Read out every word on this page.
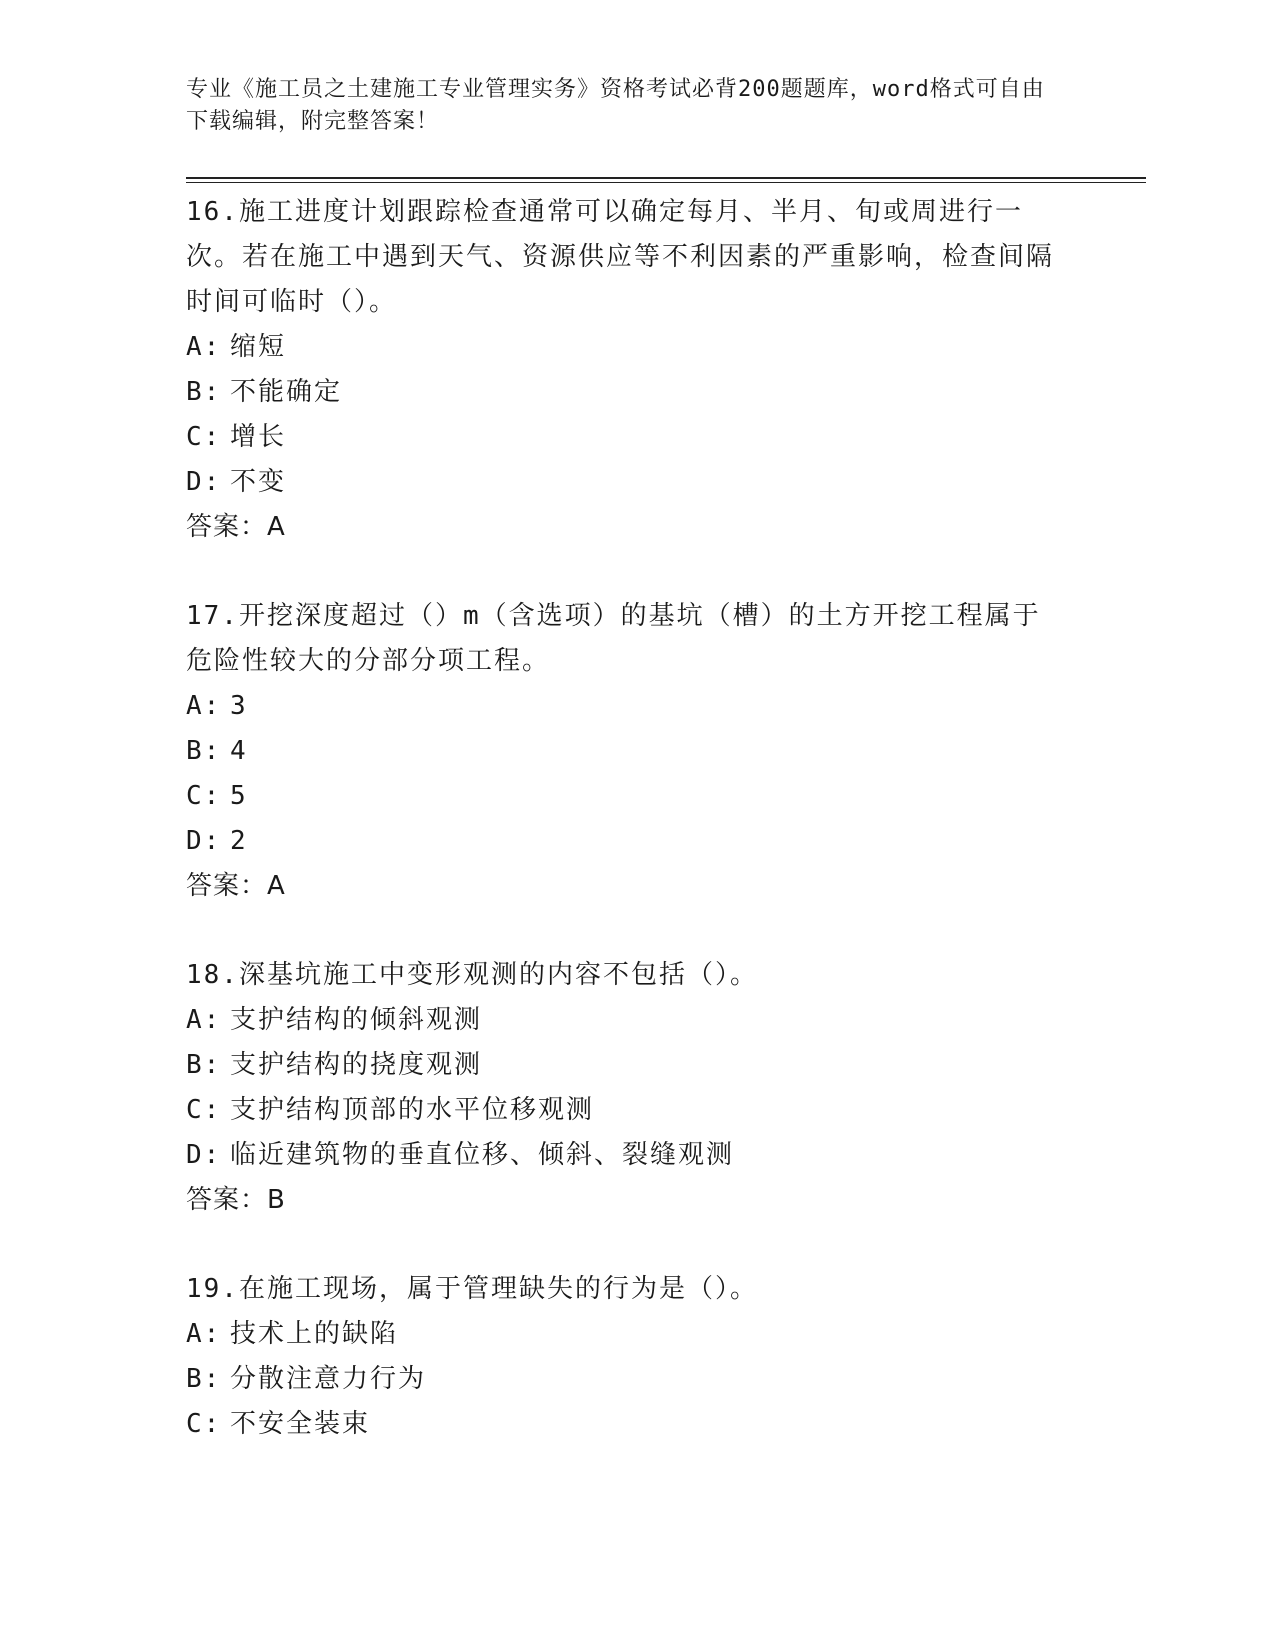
专业《施工员之土建施工专业管理实务》资格考试必背200题题库，word格式可自由下载编辑，附完整答案！

16.施工进度计划跟踪检查通常可以确定每月、半月、旬或周进行一次。若在施工中遇到天气、资源供应等不利因素的严重影响，检查间隔时间可临时（）。

A: 缩短
B: 不能确定
C: 增长
D: 不变

答案：A

17.开挖深度超过（）m（含选项）的基坑（槽）的土方开挖工程属于危险性较大的分部分项工程。

A: 3
B: 4
C: 5
D: 2

答案：A

18.深基坑施工中变形观测的内容不包括（）。

A: 支护结构的倾斜观测
B: 支护结构的挠度观测
C: 支护结构顶部的水平位移观测
D: 临近建筑物的垂直位移、倾斜、裂缝观测

答案：B

19.在施工现场，属于管理缺失的行为是（）。

A: 技术上的缺陷
B: 分散注意力行为
C: 不安全装束
